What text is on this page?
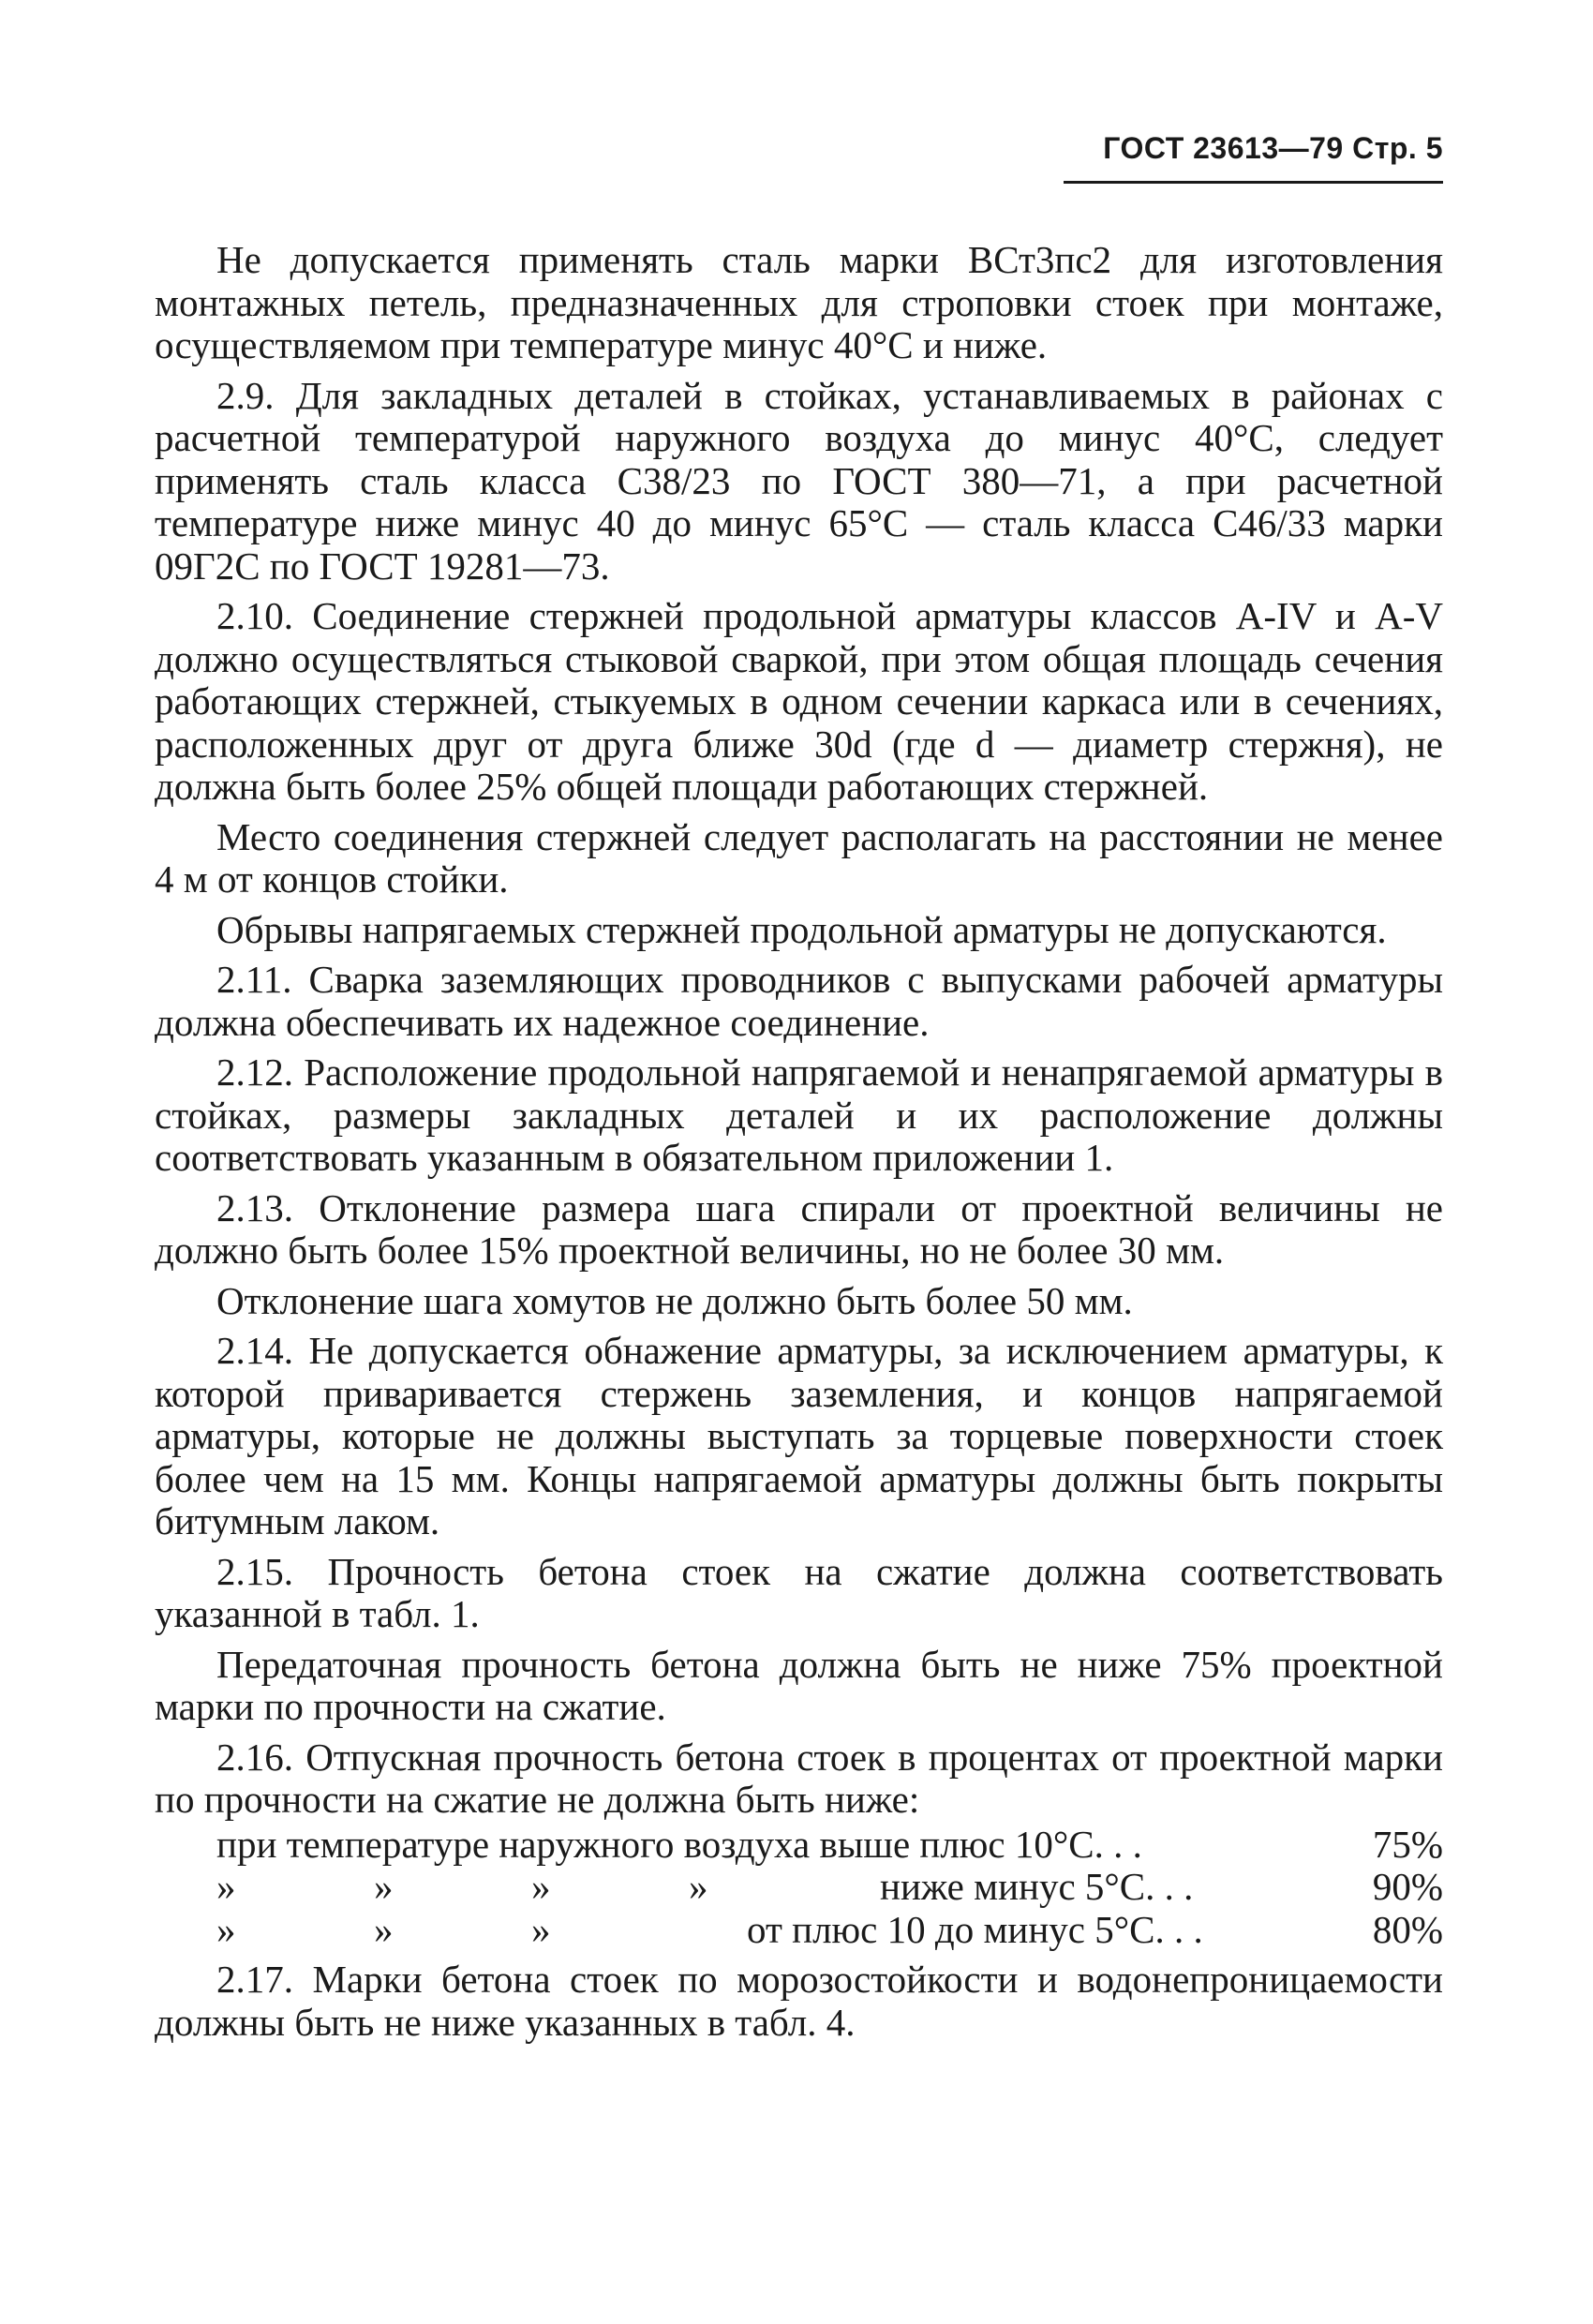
ГОСТ 23613—79 Стр. 5

Не допускается применять сталь марки ВСт3пс2 для изготовления монтажных петель, предназначенных для строповки стоек при монтаже, осуществляемом при температуре минус 40°С и ниже.

2.9. Для закладных деталей в стойках, устанавливаемых в районах с расчетной температурой наружного воздуха до минус 40°С, следует применять сталь класса С38/23 по ГОСТ 380—71, а при расчетной температуре ниже минус 40 до минус 65°С — сталь класса С46/33 марки 09Г2С по ГОСТ 19281—73.

2.10. Соединение стержней продольной арматуры классов A-IV и A-V должно осуществляться стыковой сваркой, при этом общая площадь сечения работающих стержней, стыкуемых в одном сечении каркаса или в сечениях, расположенных друг от друга ближе 30d (где d — диаметр стержня), не должна быть более 25% общей площади работающих стержней.

Место соединения стержней следует располагать на расстоянии не менее 4 м от концов стойки.

Обрывы напрягаемых стержней продольной арматуры не допускаются.

2.11. Сварка заземляющих проводников с выпусками рабочей арматуры должна обеспечивать их надежное соединение.

2.12. Расположение продольной напрягаемой и ненапрягаемой арматуры в стойках, размеры закладных деталей и их расположение должны соответствовать указанным в обязательном приложении 1.

2.13. Отклонение размера шага спирали от проектной величины не должно быть более 15% проектной величины, но не более 30 мм.

Отклонение шага хомутов не должно быть более 50 мм.

2.14. Не допускается обнажение арматуры, за исключением арматуры, к которой приваривается стержень заземления, и концов напрягаемой арматуры, которые не должны выступать за торцевые поверхности стоек более чем на 15 мм. Концы напрягаемой арматуры должны быть покрыты битумным лаком.

2.15. Прочность бетона стоек на сжатие должна соответствовать указанной в табл. 1.

Передаточная прочность бетона должна быть не ниже 75% проектной марки по прочности на сжатие.

2.16. Отпускная прочность бетона стоек в процентах от проектной марки по прочности на сжатие не должна быть ниже:

при температуре наружного воздуха выше плюс 10°С. . .	75%
»	»	»	»	ниже минус 5°С. . .	90%
»	»	»	от плюс 10 до минус 5°С. . .	80%

2.17. Марки бетона стоек по морозостойкости и водонепроницаемости должны быть не ниже указанных в табл. 4.
